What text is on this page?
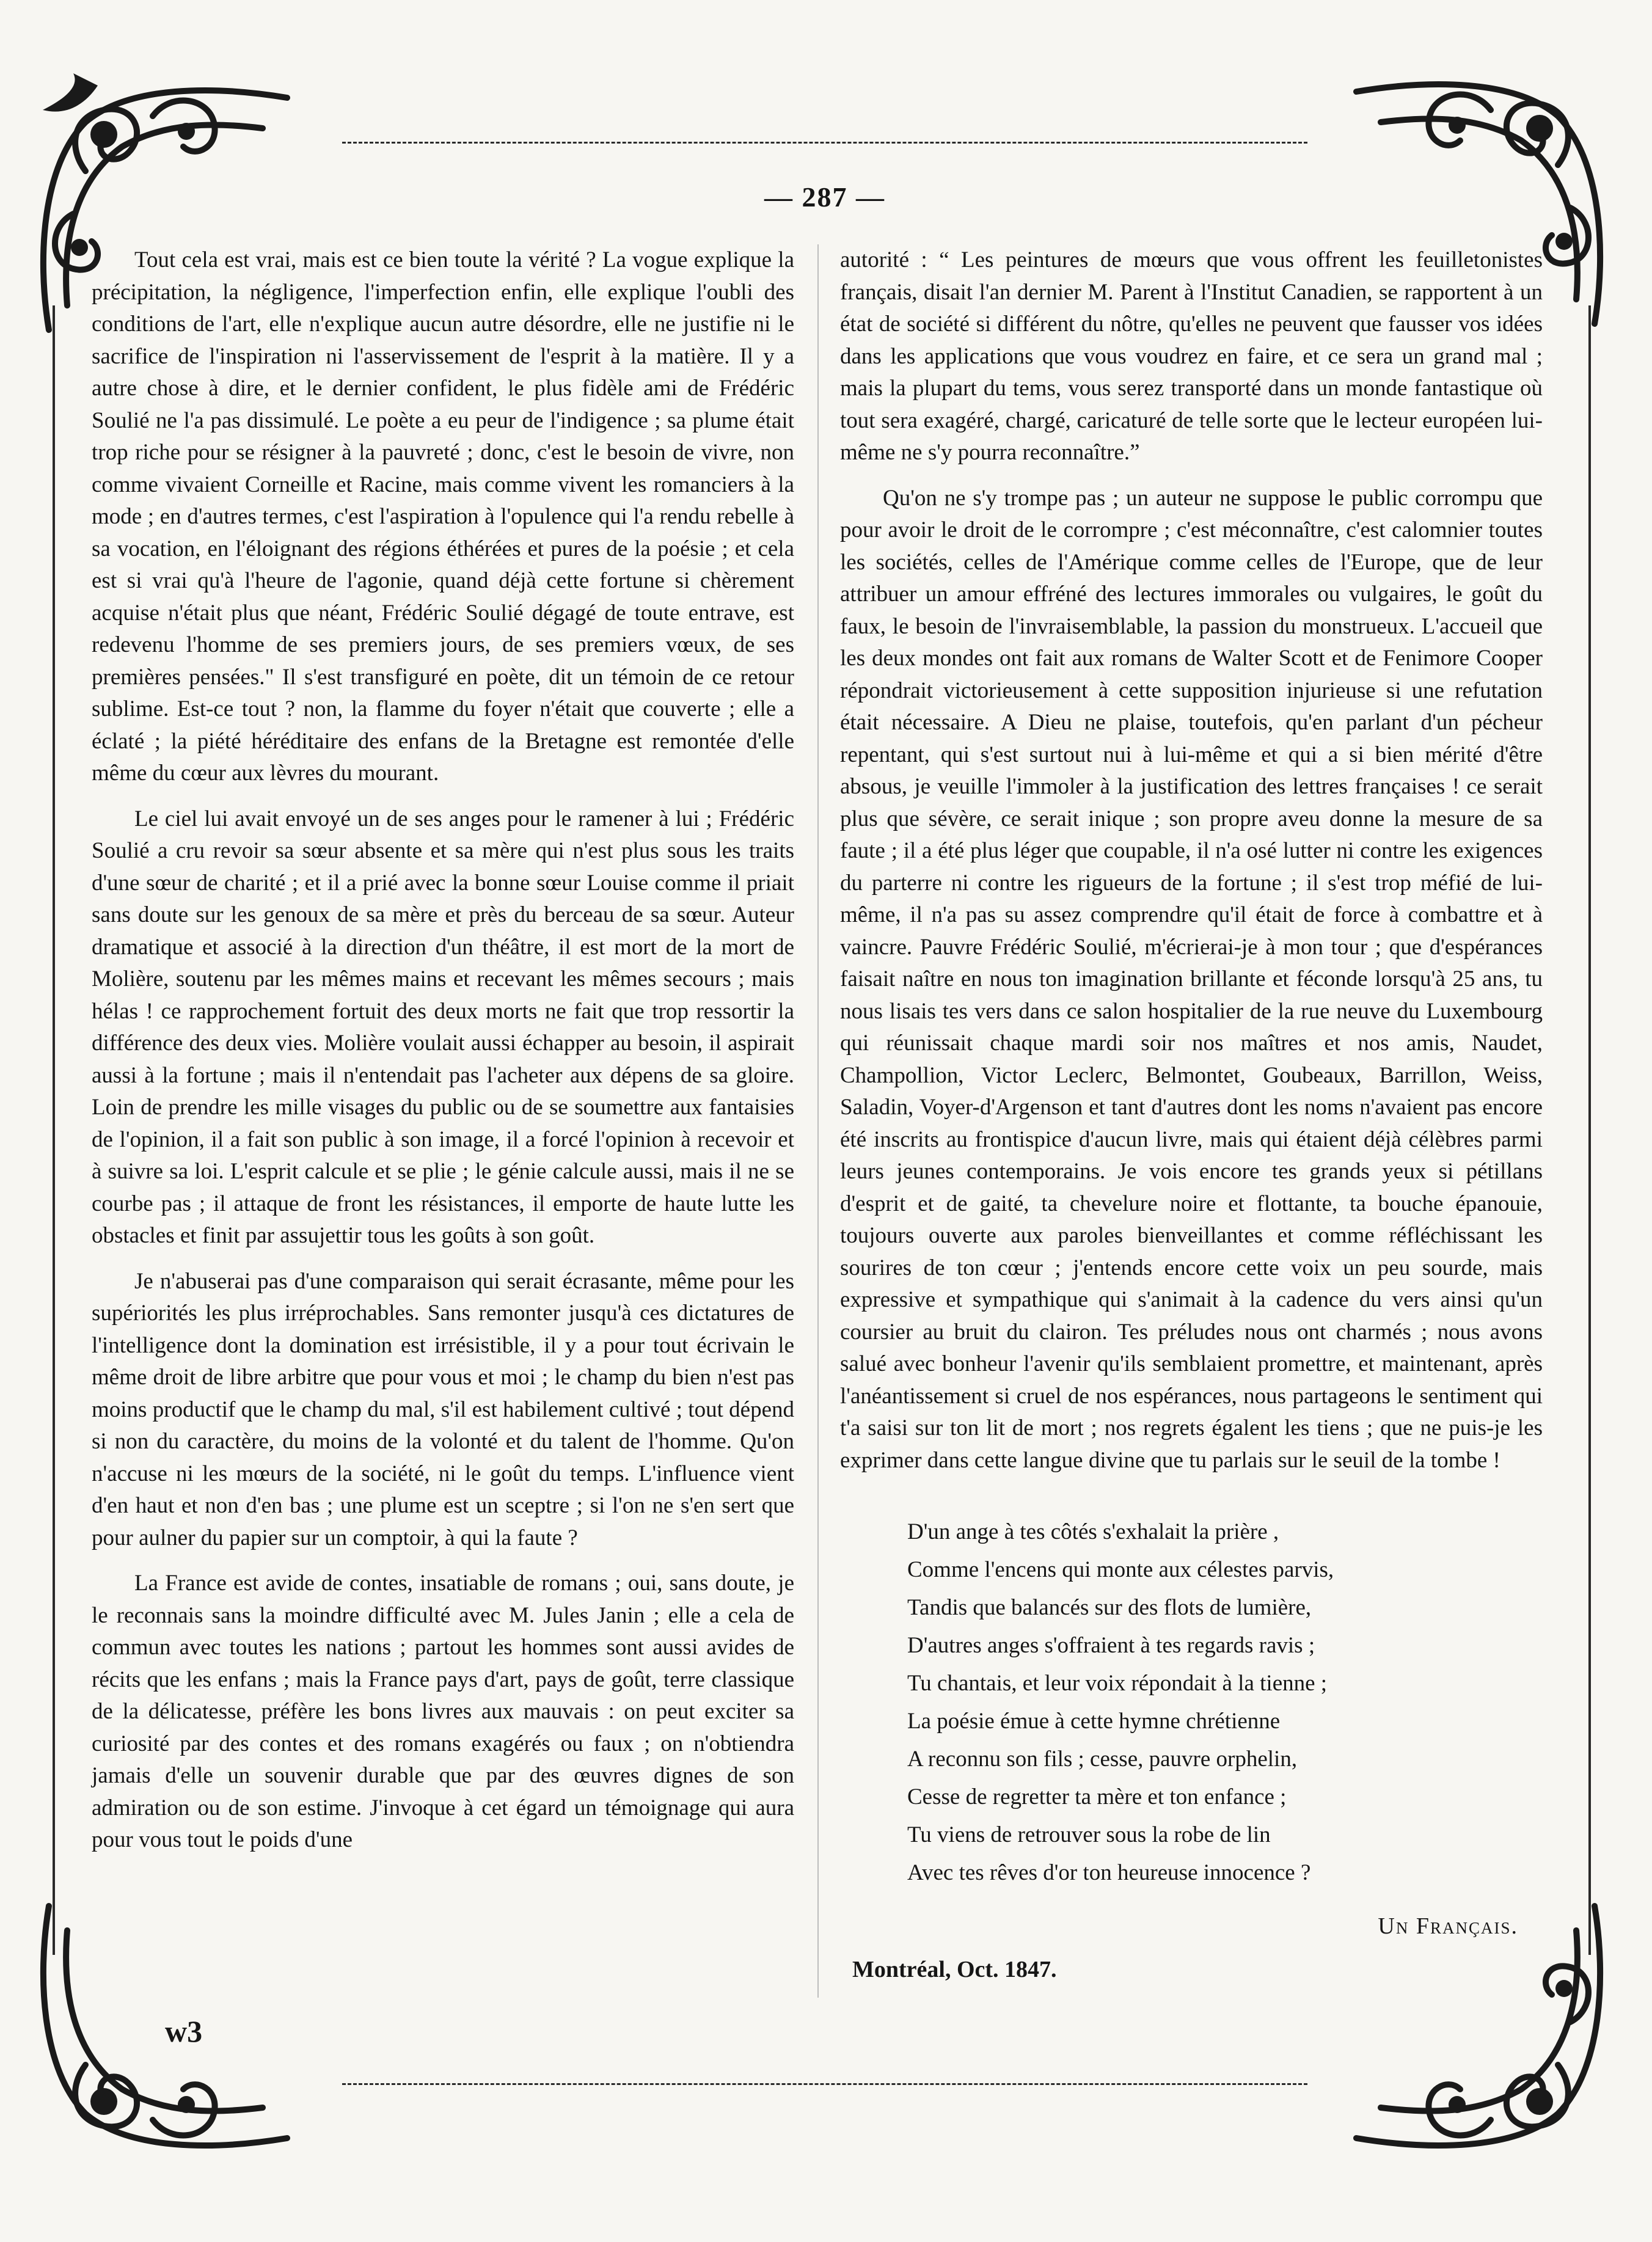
— 287 —

Tout cela est vrai, mais est ce bien toute la vérité ? La vogue explique la précipitation, la négligence, l'imperfection enfin, elle explique l'oubli des conditions de l'art, elle n'explique aucun autre désordre, elle ne justifie ni le sacrifice de l'inspiration ni l'asservissement de l'esprit à la matière. Il y a autre chose à dire, et le dernier confident, le plus fidèle ami de Frédéric Soulié ne l'a pas dissimulé. Le poète a eu peur de l'indigence ; sa plume était trop riche pour se résigner à la pauvreté ; donc, c'est le besoin de vivre, non comme vivaient Corneille et Racine, mais comme vivent les romanciers à la mode ; en d'autres termes, c'est l'aspiration à l'opulence qui l'a rendu rebelle à sa vocation, en l'éloignant des régions éthérées et pures de la poésie ; et cela est si vrai qu'à l'heure de l'agonie, quand déjà cette fortune si chèrement acquise n'était plus que néant, Frédéric Soulié dégagé de toute entrave, est redevenu l'homme de ses premiers jours, de ses premiers vœux, de ses premières pensées." Il s'est transfiguré en poète, dit un témoin de ce retour sublime. Est-ce tout ? non, la flamme du foyer n'était que couverte ; elle a éclaté ; la piété héréditaire des enfans de la Bretagne est remontée d'elle même du cœur aux lèvres du mourant.

Le ciel lui avait envoyé un de ses anges pour le ramener à lui ; Frédéric Soulié a cru revoir sa sœur absente et sa mère qui n'est plus sous les traits d'une sœur de charité ; et il a prié avec la bonne sœur Louise comme il priait sans doute sur les genoux de sa mère et près du berceau de sa sœur. Auteur dramatique et associé à la direction d'un théâtre, il est mort de la mort de Molière, soutenu par les mêmes mains et recevant les mêmes secours ; mais hélas ! ce rapprochement fortuit des deux morts ne fait que trop ressortir la différence des deux vies. Molière voulait aussi échapper au besoin, il aspirait aussi à la fortune ; mais il n'entendait pas l'acheter aux dépens de sa gloire. Loin de prendre les mille visages du public ou de se soumettre aux fantaisies de l'opinion, il a fait son public à son image, il a forcé l'opinion à recevoir et à suivre sa loi. L'esprit calcule et se plie ; le génie calcule aussi, mais il ne se courbe pas ; il attaque de front les résistances, il emporte de haute lutte les obstacles et finit par assujettir tous les goûts à son goût.

Je n'abuserai pas d'une comparaison qui serait écrasante, même pour les supériorités les plus irréprochables. Sans remonter jusqu'à ces dictatures de l'intelligence dont la domination est irrésistible, il y a pour tout écrivain le même droit de libre arbitre que pour vous et moi ; le champ du bien n'est pas moins productif que le champ du mal, s'il est habilement cultivé ; tout dépend si non du caractère, du moins de la volonté et du talent de l'homme. Qu'on n'accuse ni les mœurs de la société, ni le goût du temps. L'influence vient d'en haut et non d'en bas ; une plume est un sceptre ; si l'on ne s'en sert que pour aulner du papier sur un comptoir, à qui la faute ?

La France est avide de contes, insatiable de romans ; oui, sans doute, je le reconnais sans la moindre difficulté avec M. Jules Janin ; elle a cela de commun avec toutes les nations ; partout les hommes sont aussi avides de récits que les enfans ; mais la France pays d'art, pays de goût, terre classique de la délicatesse, préfère les bons livres aux mauvais : on peut exciter sa curiosité par des contes et des romans exagérés ou faux ; on n'obtiendra jamais d'elle un souvenir durable que par des œuvres dignes de son admiration ou de son estime. J'invoque à cet égard un témoignage qui aura pour vous tout le poids d'une

autorité : “ Les peintures de mœurs que vous offrent les feuilletonistes français, disait l'an dernier M. Parent à l'Institut Canadien, se rapportent à un état de société si différent du nôtre, qu'elles ne peuvent que fausser vos idées dans les applications que vous voudrez en faire, et ce sera un grand mal ; mais la plupart du tems, vous serez transporté dans un monde fantastique où tout sera exagéré, chargé, caricaturé de telle sorte que le lecteur européen lui-même ne s'y pourra reconnaître.”

Qu'on ne s'y trompe pas ; un auteur ne suppose le public corrompu que pour avoir le droit de le corrompre ; c'est méconnaître, c'est calomnier toutes les sociétés, celles de l'Amérique comme celles de l'Europe, que de leur attribuer un amour effréné des lectures immorales ou vulgaires, le goût du faux, le besoin de l'invraisemblable, la passion du monstrueux. L'accueil que les deux mondes ont fait aux romans de Walter Scott et de Fenimore Cooper répondrait victorieusement à cette supposition injurieuse si une refutation était nécessaire. A Dieu ne plaise, toutefois, qu'en parlant d'un pécheur repentant, qui s'est surtout nui à lui-même et qui a si bien mérité d'être absous, je veuille l'immoler à la justification des lettres françaises ! ce serait plus que sévère, ce serait inique ; son propre aveu donne la mesure de sa faute ; il a été plus léger que coupable, il n'a osé lutter ni contre les exigences du parterre ni contre les rigueurs de la fortune ; il s'est trop méfié de lui-même, il n'a pas su assez comprendre qu'il était de force à combattre et à vaincre. Pauvre Frédéric Soulié, m'écrierai-je à mon tour ; que d'espérances faisait naître en nous ton imagination brillante et féconde lorsqu'à 25 ans, tu nous lisais tes vers dans ce salon hospitalier de la rue neuve du Luxembourg qui réunissait chaque mardi soir nos maîtres et nos amis, Naudet, Champollion, Victor Leclerc, Belmontet, Goubeaux, Barrillon, Weiss, Saladin, Voyer-d'Argenson et tant d'autres dont les noms n'avaient pas encore été inscrits au frontispice d'aucun livre, mais qui étaient déjà célèbres parmi leurs jeunes contemporains. Je vois encore tes grands yeux si pétillans d'esprit et de gaité, ta chevelure noire et flottante, ta bouche épanouie, toujours ouverte aux paroles bienveillantes et comme réfléchissant les sourires de ton cœur ; j'entends encore cette voix un peu sourde, mais expressive et sympathique qui s'animait à la cadence du vers ainsi qu'un coursier au bruit du clairon. Tes préludes nous ont charmés ; nous avons salué avec bonheur l'avenir qu'ils semblaient promettre, et maintenant, après l'anéantissement si cruel de nos espérances, nous partageons le sentiment qui t'a saisi sur ton lit de mort ; nos regrets égalent les tiens ; que ne puis-je les exprimer dans cette langue divine que tu parlais sur le seuil de la tombe !

D'un ange à tes côtés s'exhalait la prière ,
Comme l'encens qui monte aux célestes parvis,
Tandis que balancés sur des flots de lumière,
D'autres anges s'offraient à tes regards ravis ;
Tu chantais, et leur voix répondait à la tienne ;
La poésie émue à cette hymne chrétienne
A reconnu son fils ; cesse, pauvre orphelin,
Cesse de regretter ta mère et ton enfance ;
Tu viens de retrouver sous la robe de lin
Avec tes rêves d'or ton heureuse innocence ?
Un Français.
Montréal, Oct. 1847.
w3
